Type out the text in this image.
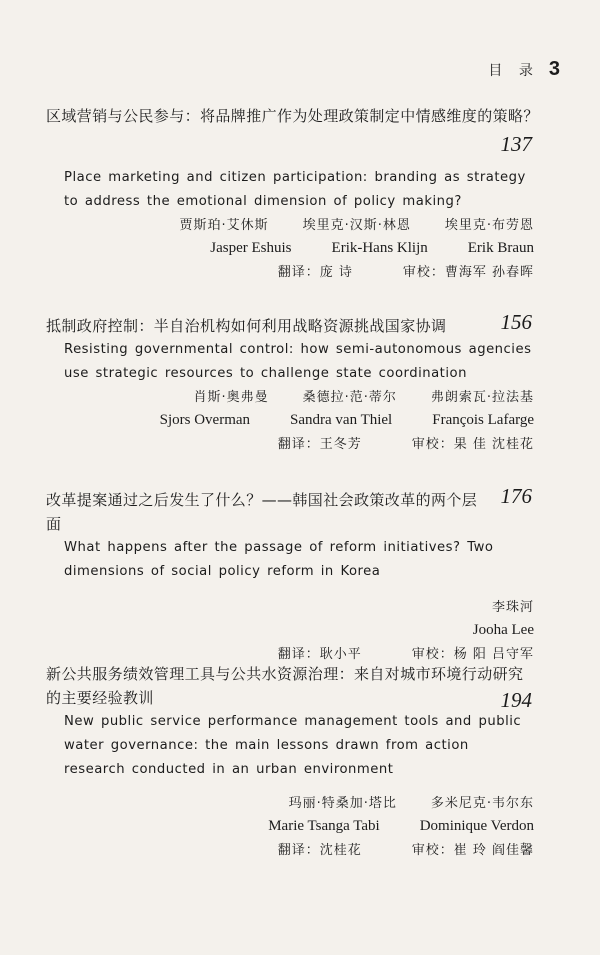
目 录 3
区域营销与公民参与：将品牌推广作为处理政策制定中情感维度的策略？
137
Place marketing and citizen participation: branding as strategy to address the emotional dimension of policy making?
贾斯珀·艾休斯	埃里克·汉斯·林恩	埃里克·布劳恩
Jasper Eshuis	Erik-Hans Klijn	Erik Braun
翻译：庞 诗	审校：曹海军 孙春晖
抵制政府控制：半自治机构如何利用战略资源挑战国家协调	156
Resisting governmental control: how semi-autonomous agencies use strategic resources to challenge state coordination
肖斯·奥弗曼	桑德拉·范·蒂尔	弗朗索瓦·拉法基
Sjors Overman	Sandra van Thiel	François Lafarge
翻译：王冬芳	审校：果 佳 沈桂花
改革提案通过之后发生了什么？——韩国社会政策改革的两个层面
176
What happens after the passage of reform initiatives? Two dimensions of social policy reform in Korea
李珠河
Jooha Lee
翻译：耿小平	审校：杨 阳 吕守军
新公共服务绩效管理工具与公共水资源治理：来自对城市环境行动研究的主要经验教训	194
New public service performance management tools and public water governance: the main lessons drawn from action research conducted in an urban environment
玛丽·特桑加·塔比	多米尼克·韦尔东
Marie Tsanga Tabi	Dominique Verdon
翻译：沈桂花	审校：崔 玲 阎佳馨
